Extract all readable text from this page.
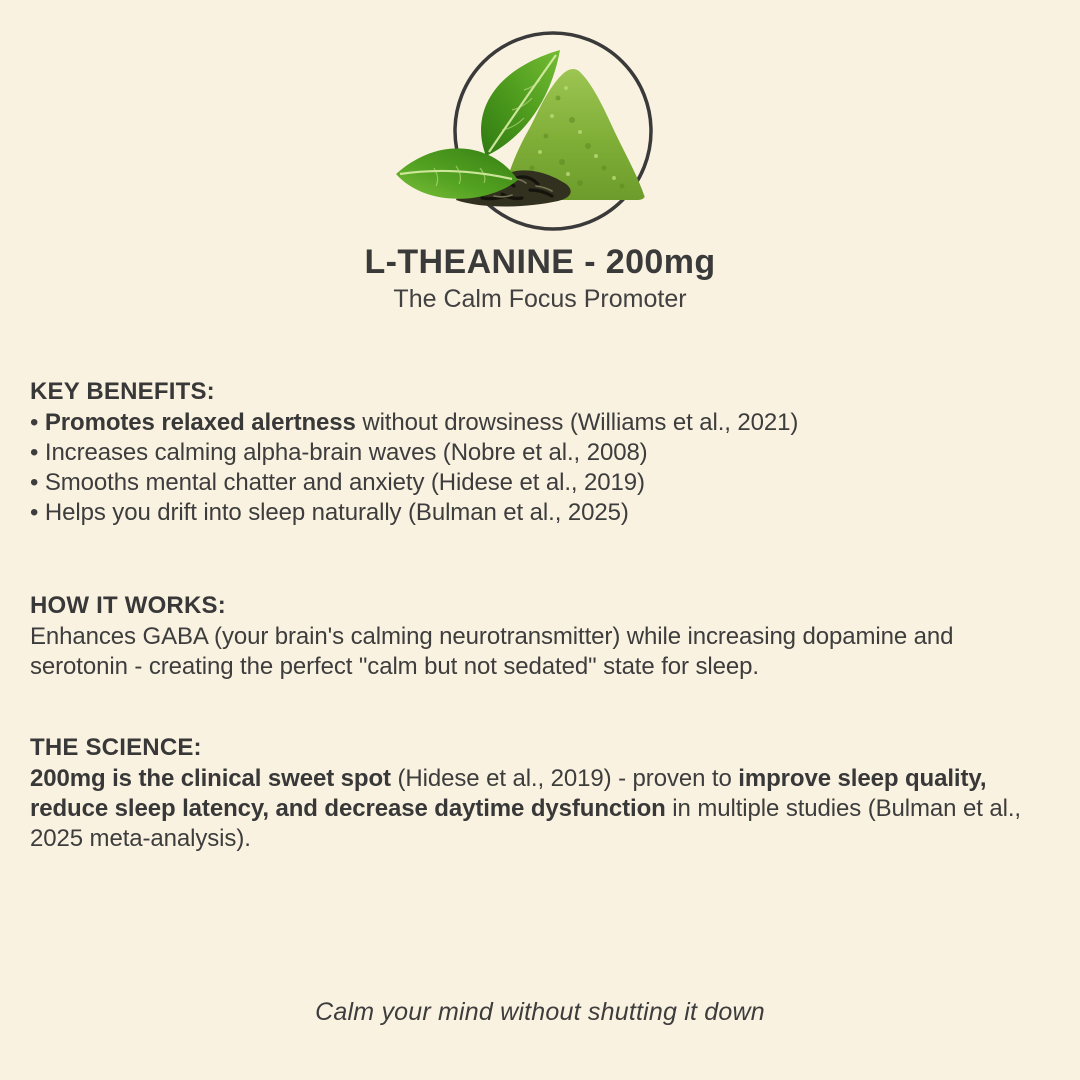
L-THEANINE - 200mg
The Calm Focus Promoter
KEY BENEFITS:
• Promotes relaxed alertness without drowsiness (Williams et al., 2021)
• Increases calming alpha-brain waves (Nobre et al., 2008)
• Smooths mental chatter and anxiety (Hidese et al., 2019)
• Helps you drift into sleep naturally (Bulman et al., 2025)
HOW IT WORKS:
Enhances GABA (your brain's calming neurotransmitter) while increasing dopamine and serotonin - creating the perfect "calm but not sedated" state for sleep.
THE SCIENCE:
200mg is the clinical sweet spot (Hidese et al., 2019) - proven to improve sleep quality, reduce sleep latency, and decrease daytime dysfunction in multiple studies (Bulman et al., 2025 meta-analysis).
Calm your mind without shutting it down
